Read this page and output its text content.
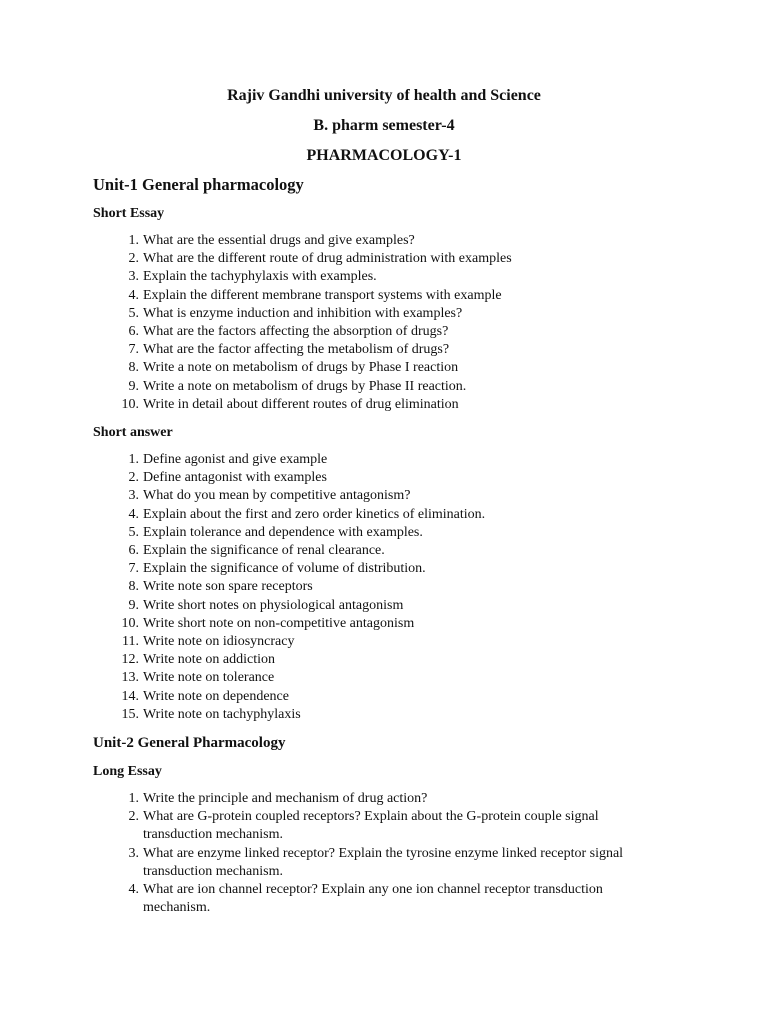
Rajiv Gandhi university of health and Science
B. pharm semester-4
PHARMACOLOGY-1
Unit-1 General pharmacology
Short Essay
1. What are the essential drugs and give examples?
2. What are the different route of drug administration with examples
3. Explain the tachyphylaxis with examples.
4. Explain the different membrane transport systems with example
5. What is enzyme induction and inhibition with examples?
6. What are the factors affecting the absorption of drugs?
7. What are the factor affecting the metabolism of drugs?
8. Write a note on metabolism of drugs by Phase I reaction
9. Write a note on metabolism of drugs by Phase II reaction.
10. Write in detail about different routes of drug elimination
Short answer
1. Define agonist and give example
2. Define antagonist with examples
3. What do you mean by competitive antagonism?
4. Explain about the first and zero order kinetics of elimination.
5. Explain tolerance and dependence with examples.
6. Explain the significance of renal clearance.
7. Explain the significance of volume of distribution.
8. Write note son spare receptors
9. Write short notes on physiological antagonism
10. Write short note on non-competitive antagonism
11. Write note on idiosyncracy
12. Write note on addiction
13. Write note on tolerance
14. Write note on dependence
15. Write note on tachyphylaxis
Unit-2 General Pharmacology
Long Essay
1. Write the principle and mechanism of drug action?
2. What are G-protein coupled receptors? Explain about the G-protein couple signal transduction mechanism.
3. What are enzyme linked receptor? Explain the tyrosine enzyme linked receptor signal transduction mechanism.
4. What are ion channel receptor? Explain any one ion channel receptor transduction mechanism.
